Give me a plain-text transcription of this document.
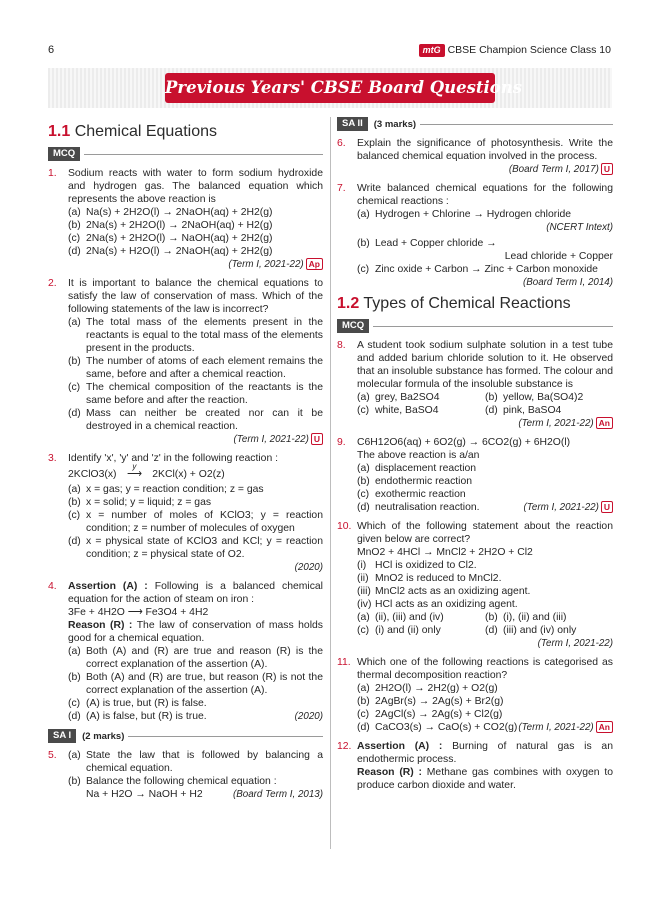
6	mtG CBSE Champion Science Class 10
Previous Years' CBSE Board Questions
1.1 Chemical Equations
MCQ
1.	Sodium reacts with water to form sodium hydroxide and hydrogen gas. The balanced equation which represents the above reaction is
(a) Na(s) + 2H2O(l) → 2NaOH(aq) + 2H2(g)
(b) 2Na(s) + 2H2O(l) → 2NaOH(aq) + H2(g)
(c) 2Na(s) + 2H2O(l) → NaOH(aq) + 2H2(g)
(d) 2Na(s) + H2O(l) → 2NaOH(aq) + 2H2(g)
(Term I, 2021-22) Ap
2.	It is important to balance the chemical equations to satisfy the law of conservation of mass. Which of the following statements of the law is incorrect?
(a) The total mass of the elements present in the reactants is equal to the total mass of the elements present in the products.
(b) The number of atoms of each element remains the same, before and after a chemical reaction.
(c) The chemical composition of the reactants is the same before and after the reaction.
(d) Mass can neither be created nor can it be destroyed in a chemical reaction.
(Term I, 2021-22) U
3.	Identify 'x', 'y' and 'z' in the following reaction :
2KClO3(x)
y
⟶ 2KCl(x) + O2(z)
(a) x = gas; y = reaction condition; z = gas
(b) x = solid; y = liquid; z = gas
(c) x = number of moles of KClO3; y = reaction condition; z = number of molecules of oxygen
(d) x = physical state of KClO3 and KCl; y = reaction condition; z = physical state of O2.
(2020)
4.	Assertion (A) : Following is a balanced chemical equation for the action of steam on iron :
3Fe + 4H2O ⟶ Fe3O4 + 4H2
Reason (R) : The law of conservation of mass holds good for a chemical equation.
(a) Both (A) and (R) are true and reason (R) is the correct explanation of the assertion (A).
(b) Both (A) and (R) are true, but reason (R) is not the correct explanation of the assertion (A).
(c) (A) is true, but (R) is false.
(d) (A) is false, but (R) is true.	(2020)
SA I	(2 marks)
5.	(a) State the law that is followed by balancing a chemical equation.
(b) Balance the following chemical equation :
Na + H2O → NaOH + H2	(Board Term I, 2013)
SA II	(3 marks)
6.	Explain the significance of photosynthesis. Write the balanced chemical equation involved in the process.
(Board Term I, 2017) U
7.	Write balanced chemical equations for the following chemical reactions :
(a) Hydrogen + Chlorine → Hydrogen chloride
(NCERT Intext)
(b) Lead + Copper chloride →
Lead chloride + Copper
(c) Zinc oxide + Carbon → Zinc + Carbon monoxide
(Board Term I, 2014)
1.2 Types of Chemical Reactions
MCQ
8.	A student took sodium sulphate solution in a test tube and added barium chloride solution to it. He observed that an insoluble substance has formed. The colour and molecular formula of the insoluble substance is
(a) grey, Ba2SO4	(b) yellow, Ba(SO4)2
(c) white, BaSO4	(d) pink, BaSO4
(Term I, 2021-22) An
9.	C6H12O6(aq) + 6O2(g) → 6CO2(g) + 6H2O(l)
The above reaction is a/an
(a) displacement reaction
(b) endothermic reaction
(c) exothermic reaction
(d) neutralisation reaction.	(Term I, 2021-22) U
10. Which of the following statement about the reaction given below are correct?
MnO2 + 4HCl → MnCl2 + 2H2O + Cl2
(i) HCl is oxidized to Cl2.
(ii) MnO2 is reduced to MnCl2.
(iii) MnCl2 acts as an oxidizing agent.
(iv) HCl acts as an oxidizing agent.
(a) (ii), (iii) and (iv)	(b) (i), (ii) and (iii)
(c) (i) and (ii) only	(d) (iii) and (iv) only
(Term I, 2021-22)
11. Which one of the following reactions is categorised as thermal decomposition reaction?
(a) 2H2O(l) → 2H2(g) + O2(g)
(b) 2AgBr(s) → 2Ag(s) + Br2(g)
(c) 2AgCl(s) → 2Ag(s) + Cl2(g)
(d) CaCO3(s) → CaO(s) + CO2(g) (Term I, 2021-22) An
12. Assertion (A) : Burning of natural gas is an endothermic process.
Reason (R) : Methane gas combines with oxygen to produce carbon dioxide and water.
